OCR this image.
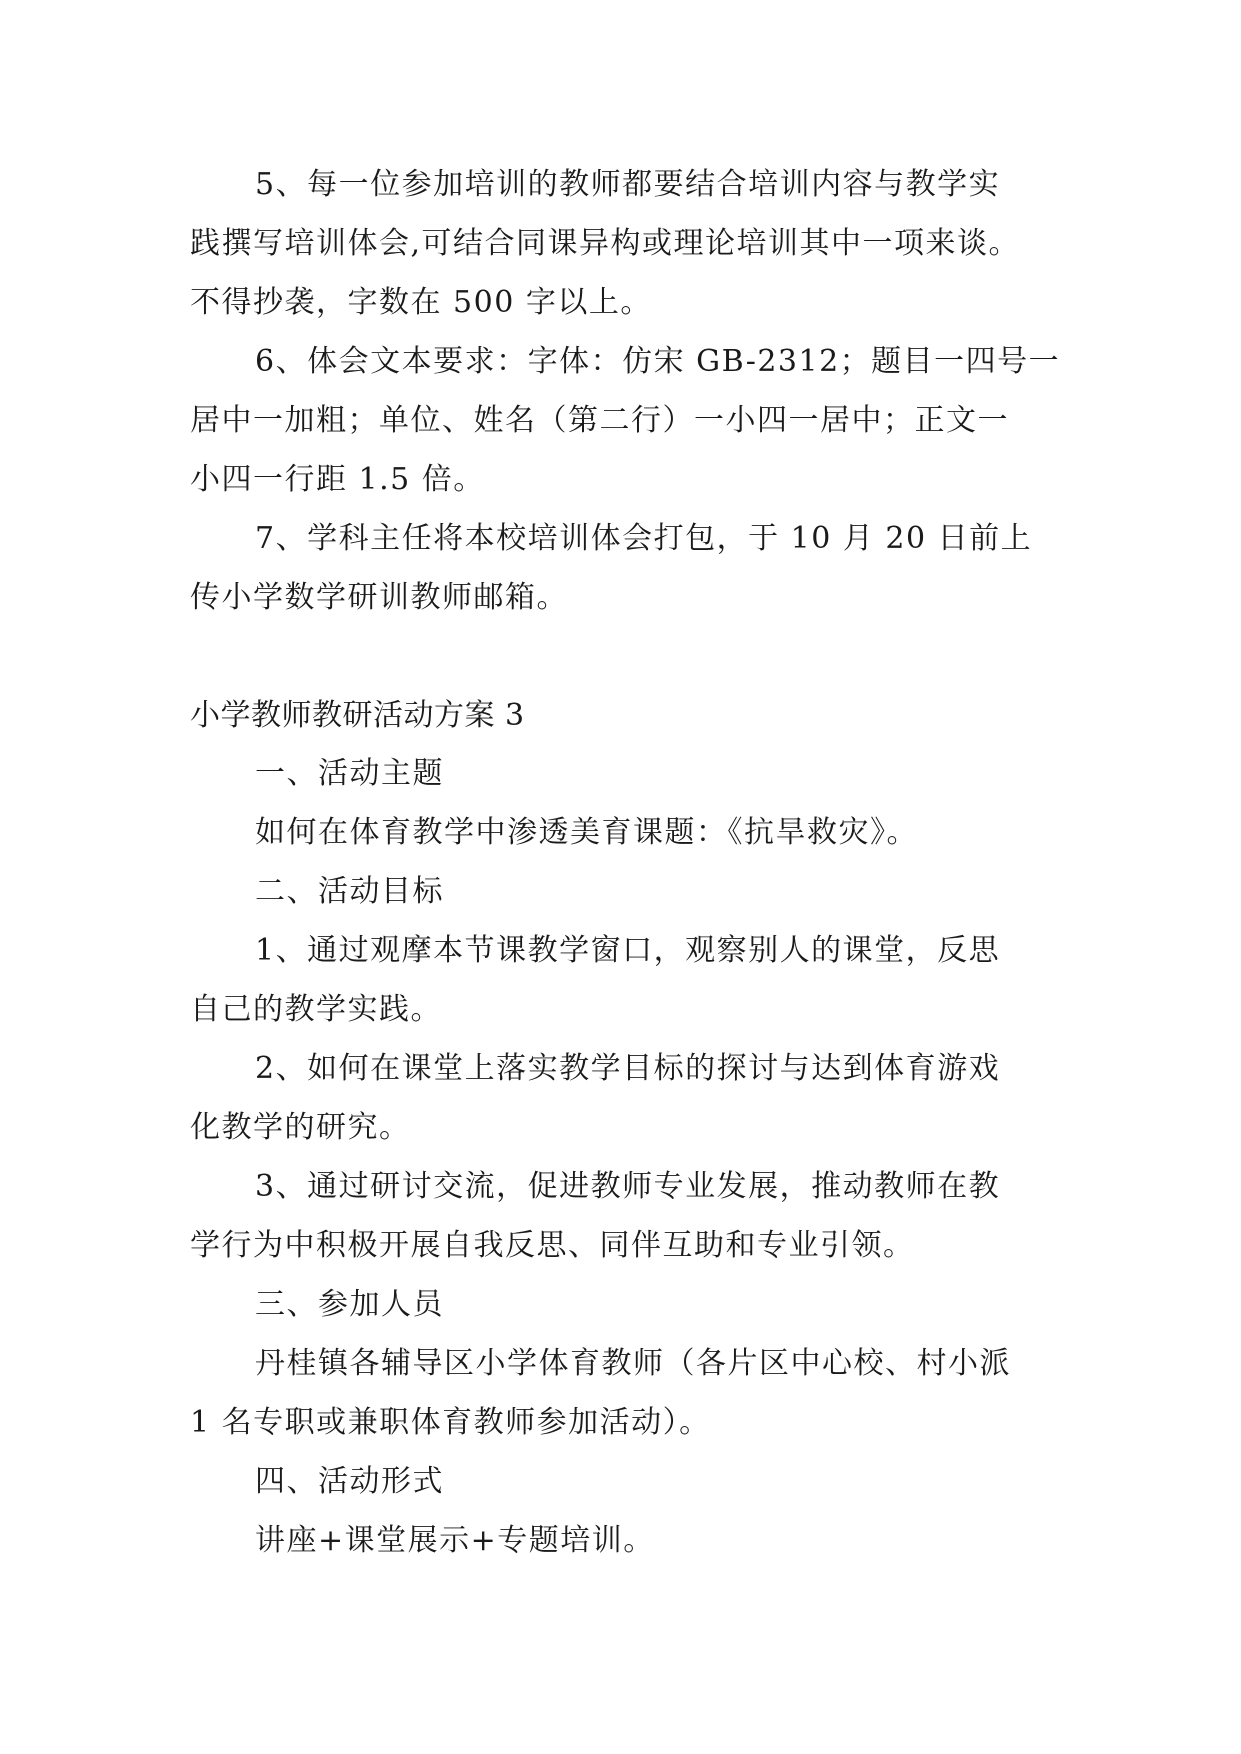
5、每一位参加培训的教师都要结合培训内容与教学实
践撰写培训体会,可结合同课异构或理论培训其中一项来谈。
不得抄袭，字数在 500 字以上。
6、体会文本要求：字体：仿宋 GB-2312；题目一四号一
居中一加粗；单位、姓名（第二行）一小四一居中；正文一
小四一行距 1.5 倍。
7、学科主任将本校培训体会打包，于 10 月 20 日前上
传小学数学研训教师邮箱。
小学教师教研活动方案 3
一、活动主题
如何在体育教学中渗透美育课题：《抗旱救灾》。
二、活动目标
1、通过观摩本节课教学窗口，观察别人的课堂，反思
自己的教学实践。
2、如何在课堂上落实教学目标的探讨与达到体育游戏
化教学的研究。
3、通过研讨交流，促进教师专业发展，推动教师在教
学行为中积极开展自我反思、同伴互助和专业引领。
三、参加人员
丹桂镇各辅导区小学体育教师（各片区中心校、村小派
1 名专职或兼职体育教师参加活动）。
四、活动形式
讲座+课堂展示+专题培训。
